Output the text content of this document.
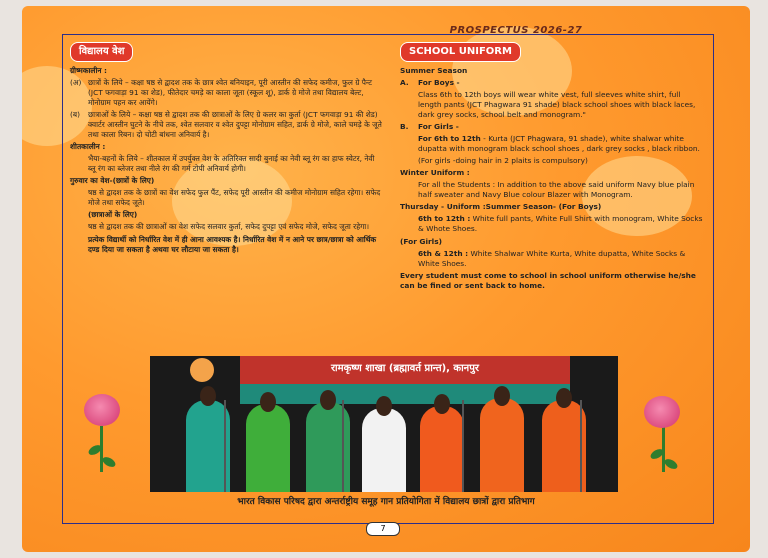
PROSPECTUS 2026-27
विद्यालय वेश
ग्रीष्मकालीन :
(अ) छात्रों के लिये – कक्षा षष्ठ से द्वादश तक के छात्र श्वेत बनियाइन, पूरी आस्तीन की सफेद कमीज, फुल ग्रे पैन्ट (JCT फगवाड़ा 91 का शेड), फीतेदार चमड़े का काला जूता (स्कूल शू), डार्क ग्रे मोजे तथा विद्यालय बेल्ट, मोनोग्राम पहन कर आयेंगे।
(ब)	छात्राओं के लिये – कक्षा षष्ठ से द्वादश तक की छात्राओं के लिए ग्रे कलर का कुर्ता (JCT फगवाड़ा 91 की शेड) क्वार्टर आस्तीन घुटने के नीचे तक, श्वेत सलवार व श्वेत दुपट्टा मोनोग्राम सहित, डार्क ग्रे मोजे, काले चमड़े के जूते तथा काला रिबन। दो चोटी बांधना अनिवार्य है।
शीतकालीन :
भैया-बहनों के लिये – शीतकाल में उपर्युक्त वेश के अतिरिक्त सादी बुनाई का नेवी ब्लू रंग का हाफ स्वेटर, नेवी ब्लू रंग का ब्लेजर तथा नीले रंग की गर्म टोपी अनिवार्य होगी।
गुरुवार का वेश-(छात्रों के लिए)
षष्ठ से द्वादश तक के छात्रों का वेश सफेद फुल पैंट, सफेद पूरी आस्तीन की कमीज मोनोग्राम सहित रहेगा। सफेद मोजे तथा सफेद जूते।
(छात्राओं के लिए)
षष्ठ से द्वादश तक की छात्राओं का वेश सफेद सलवार कुर्ता, सफेद दुपट्टा एवं सफेद मोजे, सफेद जूता रहेगा।
प्रत्येक विद्यार्थी को निर्धारित वेश में ही आना आवश्यक है। निर्धारित वेश में न आने पर छात्र/छात्रा को आर्थिक दण्ड दिया जा सकता है अथवा घर लौटाया जा सकता है।
SCHOOL UNIFORM
Summer Season
A.	For Boys -
Class 6th to 12th boys will wear white vest, full sleeves white shirt, full length pants (JCT Phagwara 91 shade) black school shoes with black laces, dark grey socks, school belt and monogram."
B.	For Girls -
For 6th to 12th - Kurta (JCT Phagwara, 91 shade), white shalwar white dupatta with monogram black school shoes , dark grey socks , black ribbon.
(For girls -doing hair in 2 plaits is compulsory)
Winter Uniform :
For all the Students : In addition to the above said uniform Navy blue plain half sweater and Navy Blue colour Blazer with Monogram.
Thursday - Uniform :Summer Season- (For Boys)
6th to 12th : White full pants, White Full Shirt with monogram, White Socks & Whote Shoes.
(For Girls)
6th & 12th : White Shalwar White Kurta, White dupatta, White Socks & White Shoes.
Every student must come to school in school uniform otherwise he/she can be fined or sent back to home.
रामकृष्ण शाखा (ब्रह्मावर्त प्रान्त), कानपुर
भारत विकास परिषद द्वारा अन्तर्राष्ट्रीय समूह गान प्रतियोगिता में विद्यालय छात्रों द्वारा प्रतिभाग
7
